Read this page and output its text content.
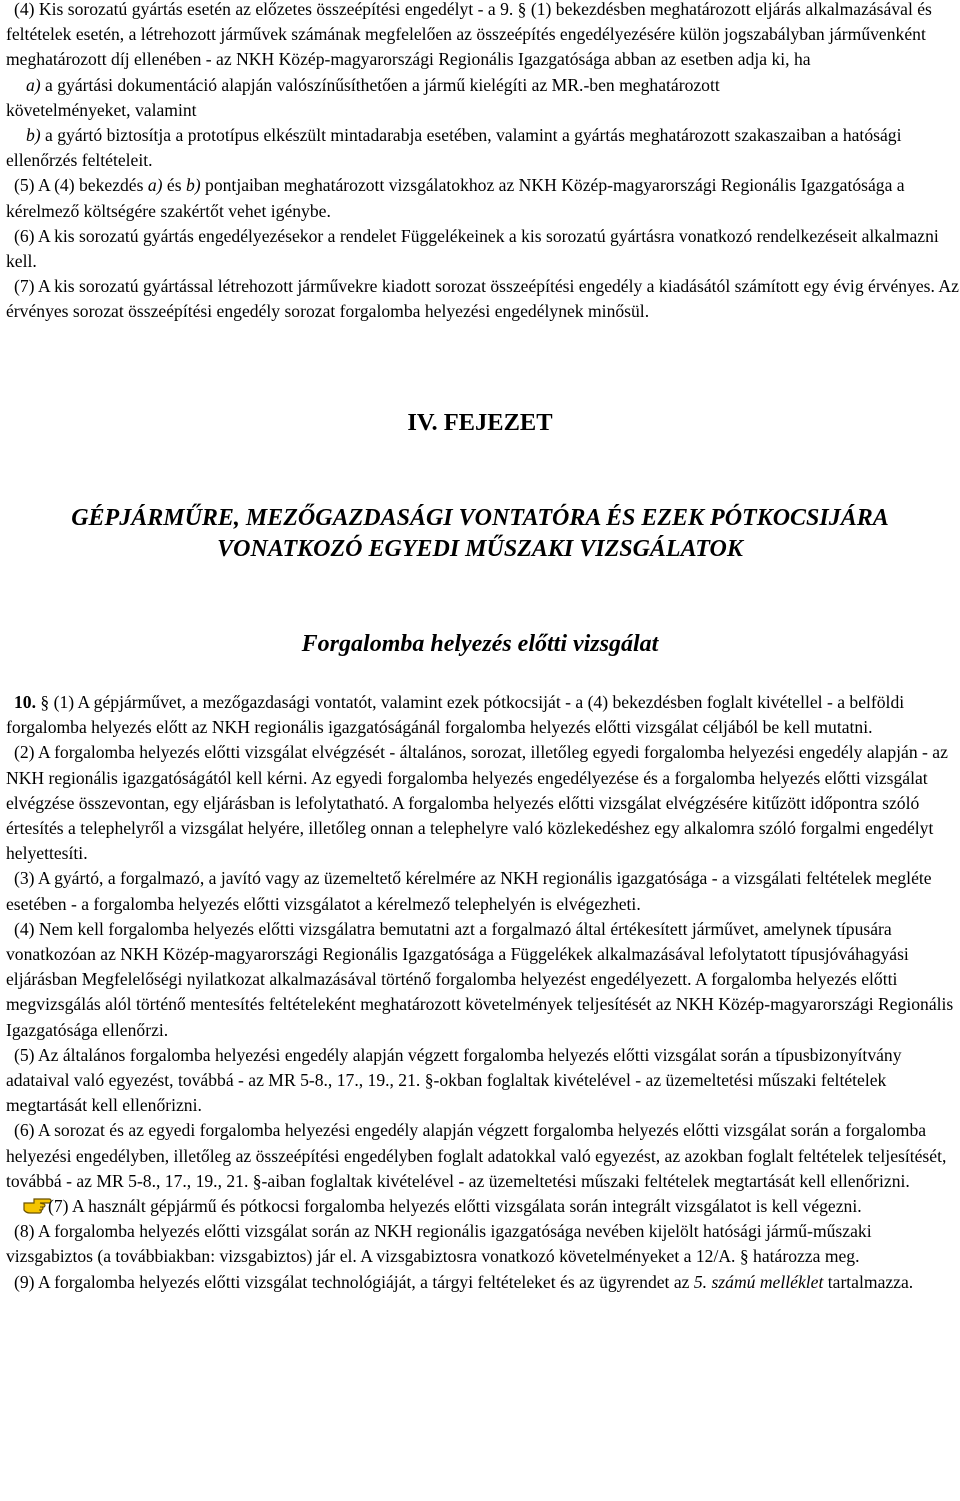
(4) Kis sorozatú gyártás esetén az előzetes összeépítési engedélyt - a 9. § (1) bekezdésben meghatározott eljárás alkalmazásával és feltételek esetén, a létrehozott járművek számának megfelelően az összeépítés engedélyezésére külön jogszabályban járművenként meghatározott díj ellenében - az NKH Közép-magyarországi Regionális Igazgatósága abban az esetben adja ki, ha

a) a gyártási dokumentáció alapján valószínűsíthetően a jármű kielégíti az MR.-ben meghatározott

követelményeket, valamint

b) a gyártó biztosítja a prototípus elkészült mintadarabja esetében, valamint a gyártás meghatározott szakaszaiban a hatósági ellenőrzés feltételeit.

(5) A (4) bekezdés a) és b) pontjaiban meghatározott vizsgálatokhoz az NKH Közép-magyarországi Regionális Igazgatósága a kérelmező költségére szakértőt vehet igénybe.

(6) A kis sorozatú gyártás engedélyezésekor a rendelet Függelékeinek a kis sorozatú gyártásra vonatkozó rendelkezéseit alkalmazni kell.

(7) A kis sorozatú gyártással létrehozott járművekre kiadott sorozat összeépítési engedély a kiadásától számított egy évig érvényes. Az érvényes sorozat összeépítési engedély sorozat forgalomba helyezési engedélynek minősül.

IV. FEJEZET
GÉPJÁRMŰRE, MEZŐGAZDASÁGI VONTATÓRA ÉS EZEK PÓTKOCSIJÁRA
VONATKOZÓ EGYEDI MŰSZAKI VIZSGÁLATOK
Forgalomba helyezés előtti vizsgálat

10. § (1) A gépjárművet, a mezőgazdasági vontatót, valamint ezek pótkocsiját - a (4) bekezdésben foglalt kivétellel - a belföldi forgalomba helyezés előtt az NKH regionális igazgatóságánál forgalomba helyezés előtti vizsgálat céljából be kell mutatni.

(2) A forgalomba helyezés előtti vizsgálat elvégzését - általános, sorozat, illetőleg egyedi forgalomba helyezési engedély alapján - az NKH regionális igazgatóságától kell kérni. Az egyedi forgalomba helyezés engedélyezése és a forgalomba helyezés előtti vizsgálat elvégzése összevontan, egy eljárásban is lefolytatható. A forgalomba helyezés előtti vizsgálat elvégzésére kitűzött időpontra szóló értesítés a telephelyről a vizsgálat helyére, illetőleg onnan a telephelyre való közlekedéshez egy alkalomra szóló forgalmi engedélyt helyettesíti.

(3) A gyártó, a forgalmazó, a javító vagy az üzemeltető kérelmére az NKH regionális igazgatósága - a vizsgálati feltételek megléte esetében - a forgalomba helyezés előtti vizsgálatot a kérelmező telephelyén is elvégezheti.

(4) Nem kell forgalomba helyezés előtti vizsgálatra bemutatni azt a forgalmazó által értékesített járművet, amelynek típusára vonatkozóan az NKH Közép-magyarországi Regionális Igazgatósága a Függelékek alkalmazásával lefolytatott típusjóváhagyási eljárásban Megfelelőségi nyilatkozat alkalmazásával történő forgalomba helyezést engedélyezett. A forgalomba helyezés előtti megvizsgálás alól történő mentesítés feltételeként meghatározott követelmények teljesítését az NKH Közép-magyarországi Regionális Igazgatósága ellenőrzi.

(5) Az általános forgalomba helyezési engedély alapján végzett forgalomba helyezés előtti vizsgálat során a típusbizonyítvány adataival való egyezést, továbbá - az MR 5-8., 17., 19., 21. §-okban foglaltak kivételével - az üzemeltetési műszaki feltételek megtartását kell ellenőrizni.

(6) A sorozat és az egyedi forgalomba helyezési engedély alapján végzett forgalomba helyezés előtti vizsgálat során a forgalomba helyezési engedélyben, illetőleg az összeépítési engedélyben foglalt adatokkal való egyezést, az azokban foglalt feltételek teljesítését, továbbá - az MR 5-8., 17., 19., 21. §-aiban foglaltak kivételével - az üzemeltetési műszaki feltételek megtartását kell ellenőrizni.

(7) A használt gépjármű és pótkocsi forgalomba helyezés előtti vizsgálata során integrált vizsgálatot is kell végezni.

(8) A forgalomba helyezés előtti vizsgálat során az NKH regionális igazgatósága nevében kijelölt hatósági jármű-műszaki vizsgabiztos (a továbbiakban: vizsgabiztos) jár el. A vizsgabiztosra vonatkozó követelményeket a 12/A. § határozza meg.

(9) A forgalomba helyezés előtti vizsgálat technológiáját, a tárgyi feltételeket és az ügyrendet az 5. számú melléklet tartalmazza.
